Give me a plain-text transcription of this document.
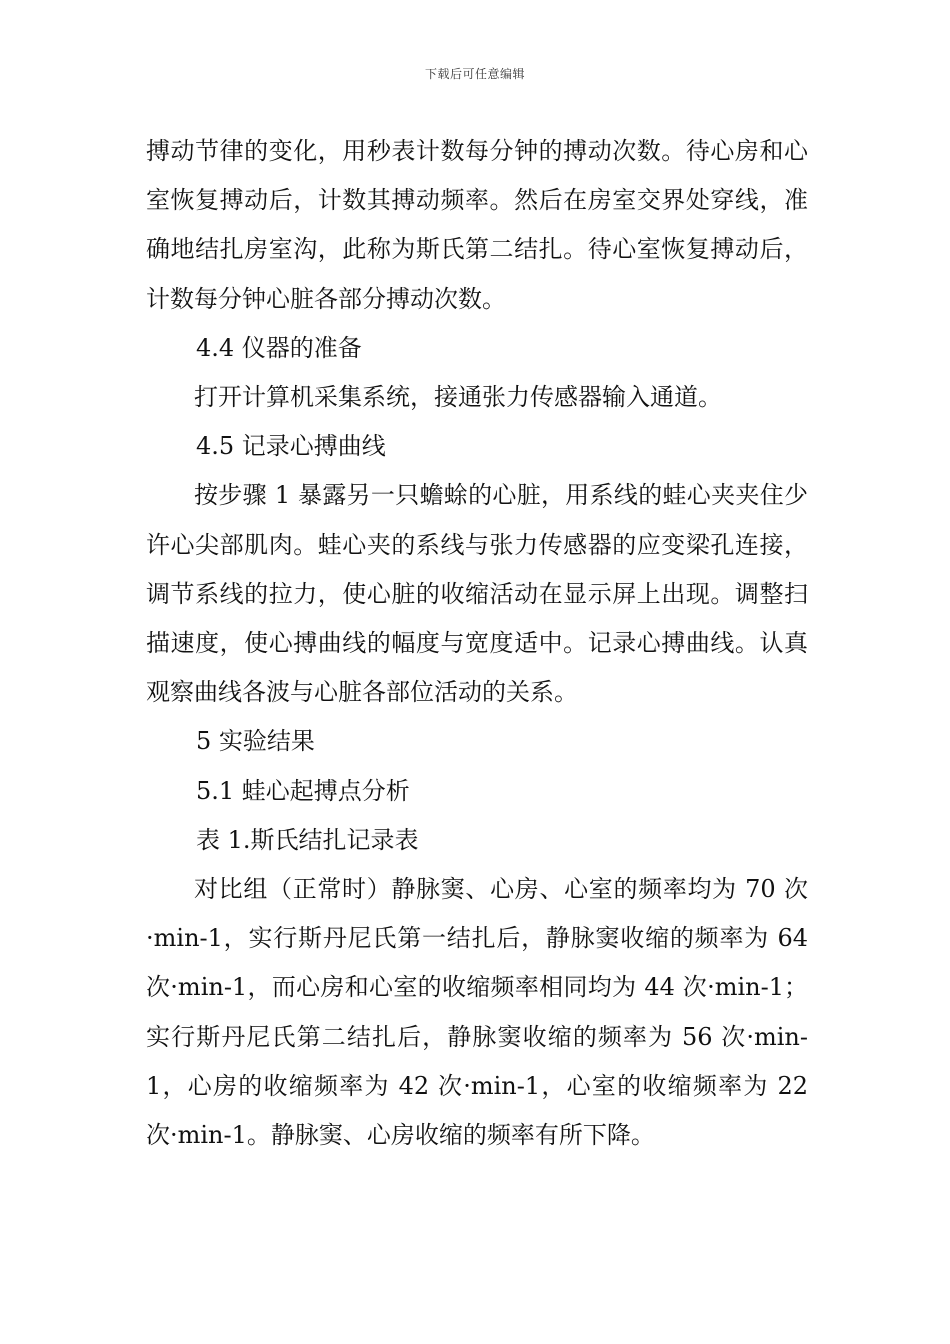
下载后可任意编辑

搏动节律的变化，用秒表计数每分钟的搏动次数。待心房和心室恢复搏动后，计数其搏动频率。然后在房室交界处穿线，准确地结扎房室沟，此称为斯氏第二结扎。待心室恢复搏动后，计数每分钟心脏各部分搏动次数。

4.4 仪器的准备

打开计算机采集系统，接通张力传感器输入通道。

4.5 记录心搏曲线

按步骤 1 暴露另一只蟾蜍的心脏，用系线的蛙心夹夹住少许心尖部肌肉。蛙心夹的系线与张力传感器的应变梁孔连接，调节系线的拉力，使心脏的收缩活动在显示屏上出现。调整扫描速度，使心搏曲线的幅度与宽度适中。记录心搏曲线。认真观察曲线各波与心脏各部位活动的关系。

5 实验结果

5.1 蛙心起搏点分析

表 1.斯氏结扎记录表

对比组（正常时）静脉窦、心房、心室的频率均为 70 次·min-1，实行斯丹尼氏第一结扎后，静脉窦收缩的频率为 64 次·min-1，而心房和心室的收缩频率相同均为 44 次·min-1；实行斯丹尼氏第二结扎后，静脉窦收缩的频率为 56 次·min-1，心房的收缩频率为 42 次·min-1，心室的收缩频率为 22 次·min-1。静脉窦、心房收缩的频率有所下降。
